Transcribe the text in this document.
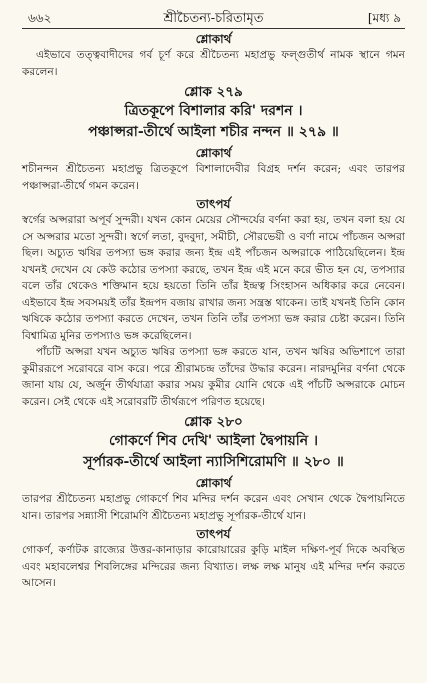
৬৬২	শ্রীচৈতন্য-চরিতামৃত	[মধ্য ৯
শ্লোকার্থ

এইভাবে তত্ত্ববাদীদের গর্ব চূর্ণ করে শ্রীচৈতন্য মহাপ্রভু ফল্গুতীর্থ নামক স্থানে গমন করলেন।

শ্লোক ২৭৯

ত্রিতকূপে বিশালার করি' দরশন ।

পঞ্চাপ্সরা-তীর্থে আইলা শচীর নন্দন ॥ ২৭৯ ॥

শ্লোকার্থ

শচীনন্দন শ্রীচৈতন্য মহাপ্রভু ত্রিতকূপে বিশালাদেবীর বিগ্রহ দর্শন করেন; এবং তারপর পঞ্চাপ্সরা-তীর্থে গমন করেন।

তাৎপর্য

স্বর্গের অপ্সরারা অপূর্ব সুন্দরী। যখন কোন মেয়ের সৌন্দর্যের বর্ণনা করা হয়, তখন বলা হয় যে সে অপ্সরার মতো সুন্দরী। স্বর্গে লতা, বুদবুদা, সমীচী, সৌরভেয়ী ও বর্ণা নামে পাঁচজন অপ্সরা ছিল। অচ্যুত ঋষির তপস্যা ভঙ্গ করার জন্য ইন্দ্র এই পাঁচজন অপ্সরাকে পাঠিয়েছিলেন। ইন্দ্র যখনই দেখেন যে কেউ কঠোর তপস্যা করছে, তখন ইন্দ্র এই মনে করে ভীত হন যে, তপস্যার বলে তাঁর থেকেও শক্তিমান হয়ে হয়তো তিনি তাঁর ইন্দ্রত্ব সিংহাসন অধিকার করে নেবেন। এইভাবে ইন্দ্র সবসময়ই তাঁর ইন্দ্রপদ বজায় রাখার জন্য সন্ত্রস্ত থাকেন। তাই যখনই তিনি কোন ঋষিকে কঠোর তপস্যা করতে দেখেন, তখন তিনি তাঁর তপস্যা ভঙ্গ করার চেষ্টা করেন। তিনি বিশ্বামিত্র মুনির তপস্যাও ভঙ্গ করেছিলেন।

পাঁচটি অপ্সরা যখন অচ্যুত ঋষির তপস্যা ভঙ্গ করতে যান, তখন ঋষির অভিশাপে তারা কুমীররূপে সরোবরে বাস করে। পরে শ্রীরামচন্দ্র তাঁদের উদ্ধার করেন। নারদমুনির বর্ণনা থেকে জানা যায় যে, অর্জুন তীর্থযাত্রা করার সময় কুমীর যোনি থেকে এই পাঁচটি অপ্সরাকে মোচন করেন। সেই থেকে এই সরোবরটি তীর্থরূপে পরিণত হয়েছে।

শ্লোক ২৮০

গোকর্ণে শিব দেখি' আইলা দ্বৈপায়নি ।

সূর্পারক-তীর্থে আইলা ন্যাসিশিরোমণি ॥ ২৮০ ॥

শ্লোকার্থ

তারপর শ্রীচৈতন্য মহাপ্রভু গোকর্ণে শিব মন্দির দর্শন করেন এবং সেখান থেকে দ্বৈপায়নিতে যান। তারপর সন্ন্যাসী শিরোমণি শ্রীচৈতন্য মহাপ্রভু সূর্পারক-তীর্থে যান।

তাৎপর্য

গোকর্ণ, কর্ণাটক রাজ্যের উত্তর-কানাড়ার কারোয়ারের কুড়ি মাইল দক্ষিণ-পূর্ব দিকে অবস্থিত এবং মহাবলেশ্বর শিবলিঙ্গের মন্দিরের জন্য বিখ্যাত। লক্ষ লক্ষ মানুষ এই মন্দির দর্শন করতে আসেন।
